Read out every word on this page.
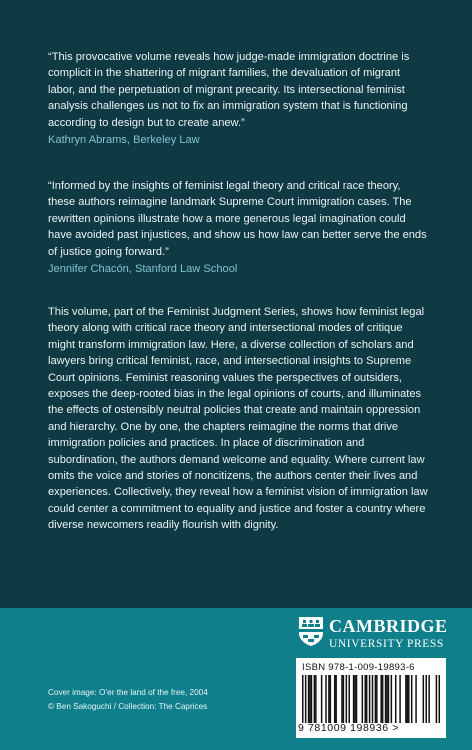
“This provocative volume reveals how judge-made immigration doctrine is complicit in the shattering of migrant families, the devaluation of migrant labor, and the perpetuation of migrant precarity. Its intersectional feminist analysis challenges us not to fix an immigration system that is functioning according to design but to create anew.”
Kathryn Abrams, Berkeley Law
“Informed by the insights of feminist legal theory and critical race theory, these authors reimagine landmark Supreme Court immigration cases. The rewritten opinions illustrate how a more generous legal imagination could have avoided past injustices, and show us how law can better serve the ends of justice going forward.”
Jennifer Chacón, Stanford Law School
This volume, part of the Feminist Judgment Series, shows how feminist legal theory along with critical race theory and intersectional modes of critique might transform immigration law. Here, a diverse collection of scholars and lawyers bring critical feminist, race, and intersectional insights to Supreme Court opinions. Feminist reasoning values the perspectives of outsiders, exposes the deep-rooted bias in the legal opinions of courts, and illuminates the effects of ostensibly neutral policies that create and maintain oppression and hierarchy. One by one, the chapters reimagine the norms that drive immigration policies and practices. In place of discrimination and subordination, the authors demand welcome and equality. Where current law omits the voice and stories of noncitizens, the authors center their lives and experiences. Collectively, they reveal how a feminist vision of immigration law could center a commitment to equality and justice and foster a country where diverse newcomers readily flourish with dignity.
Cover image: O’er the land of the free, 2004
© Ben Sakoguchi / Collection: The Caprices
CAMBRIDGE
UNIVERSITY PRESS
ISBN 978-1-009-19893-6
9 781009 198936 >
